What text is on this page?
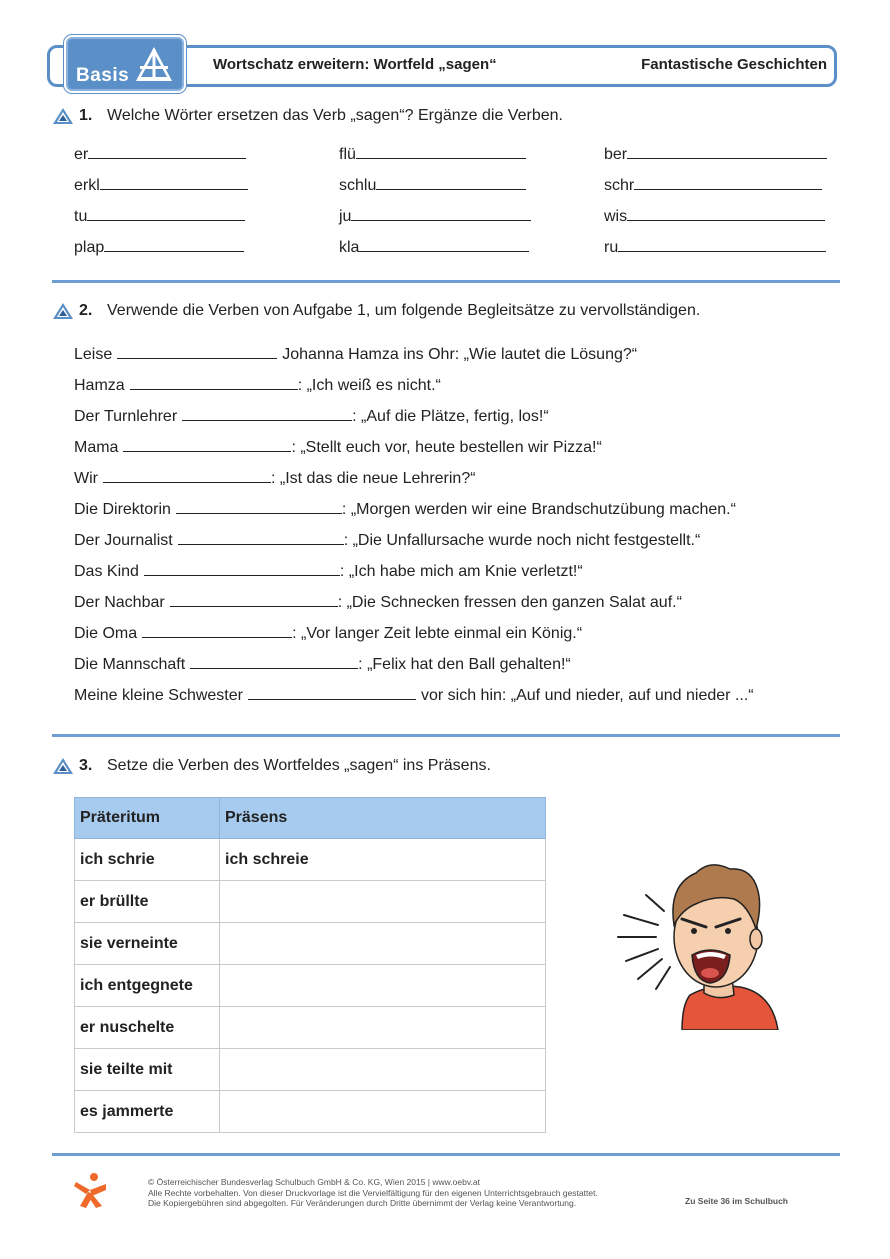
Basis
Wortschatz erweitern: Wortfeld „sagen“	Fantastische Geschichten
1. Welche Wörter ersetzen das Verb „sagen“? Ergänze die Verben.
er	flü	ber
erkl	schlu	schr
tu	ju	wis
plap	kla	ru
2. Verwende die Verben von Aufgabe 1, um folgende Begleitsätze zu vervollständigen.
Leise	Johanna Hamza ins Ohr: „Wie lautet die Lösung?“
Hamza	: „Ich weiß es nicht.“
Der Turnlehrer	: „Auf die Plätze, fertig, los!“
Mama	: „Stellt euch vor, heute bestellen wir Pizza!“
Wir	: „Ist das die neue Lehrerin?“
Die Direktorin	: „Morgen werden wir eine Brandschutzübung machen.“
Der Journalist	: „Die Unfallursache wurde noch nicht festgestellt.“
Das Kind	: „Ich habe mich am Knie verletzt!“
Der Nachbar	: „Die Schnecken fressen den ganzen Salat auf.“
Die Oma	: „Vor langer Zeit lebte einmal ein König.“
Die Mannschaft	: „Felix hat den Ball gehalten!“
Meine kleine Schwester	vor sich hin: „Auf und nieder, auf und nieder ...“
3. Setze die Verben des Wortfeldes „sagen“ ins Präsens.
Präteritum	Präsens
ich schrie	ich schreie
er brüllte	
sie verneinte	
ich entgegnete	
er nuschelte	
sie teilte mit	
es jammerte	
© Österreichischer Bundesverlag Schulbuch GmbH & Co. KG, Wien 2015 | www.oebv.at
Alle Rechte vorbehalten. Von dieser Druckvorlage ist die Vervielfältigung für den eigenen Unterrichtsgebrauch gestattet.
Die Kopiergebühren sind abgegolten. Für Veränderungen durch Dritte übernimmt der Verlag keine Verantwortung.	Zu Seite 36 im Schulbuch
